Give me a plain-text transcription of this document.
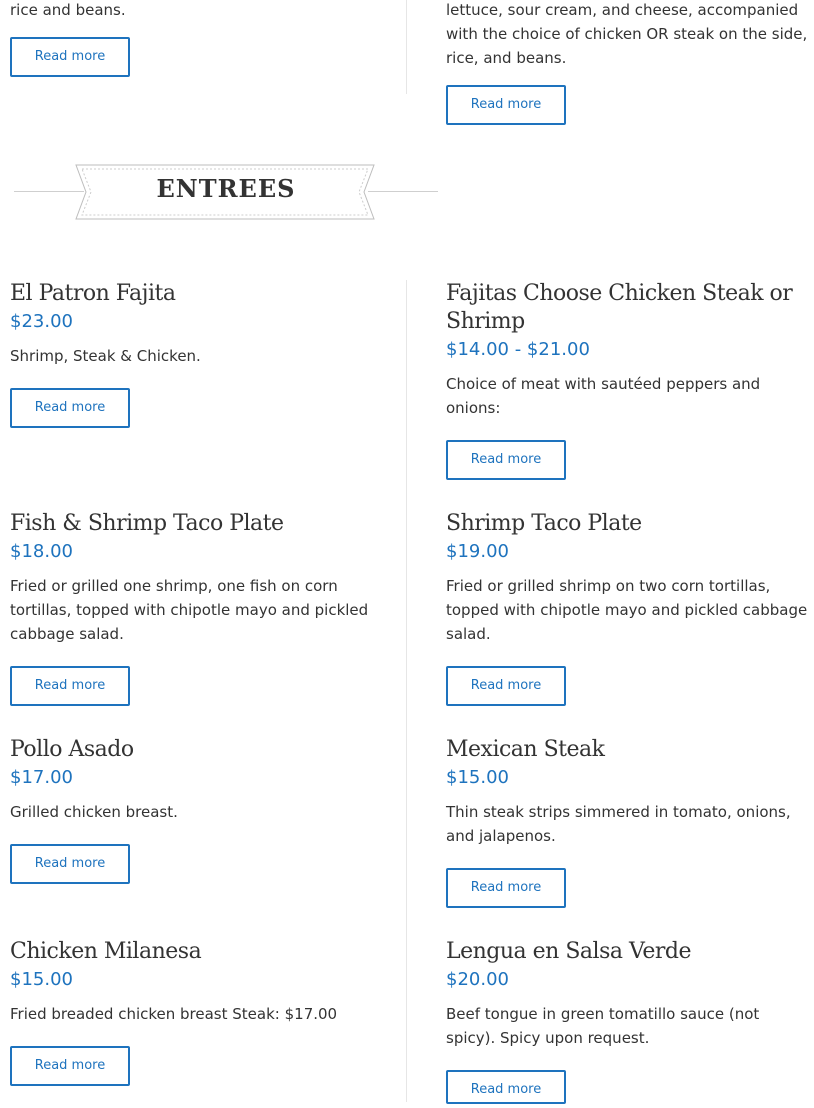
rice and beans.
Read more
lettuce, sour cream, and cheese, accompanied with the choice of chicken OR steak on the side, rice, and beans.
Read more
ENTREES
El Patron Fajita
$23.00
Shrimp, Steak & Chicken.
Read more
Fajitas Choose Chicken Steak or Shrimp
$14.00 - $21.00
Choice of meat with sautéed peppers and onions:
Read more
Fish & Shrimp Taco Plate
$18.00
Fried or grilled one shrimp, one fish on corn tortillas, topped with chipotle mayo and pickled cabbage salad.
Read more
Shrimp Taco Plate
$19.00
Fried or grilled shrimp on two corn tortillas, topped with chipotle mayo and pickled cabbage salad.
Read more
Pollo Asado
$17.00
Grilled chicken breast.
Read more
Mexican Steak
$15.00
Thin steak strips simmered in tomato, onions, and jalapenos.
Read more
Chicken Milanesa
$15.00
Fried breaded chicken breast Steak: $17.00
Read more
Lengua en Salsa Verde
$20.00
Beef tongue in green tomatillo sauce (not spicy). Spicy upon request.
Read more
